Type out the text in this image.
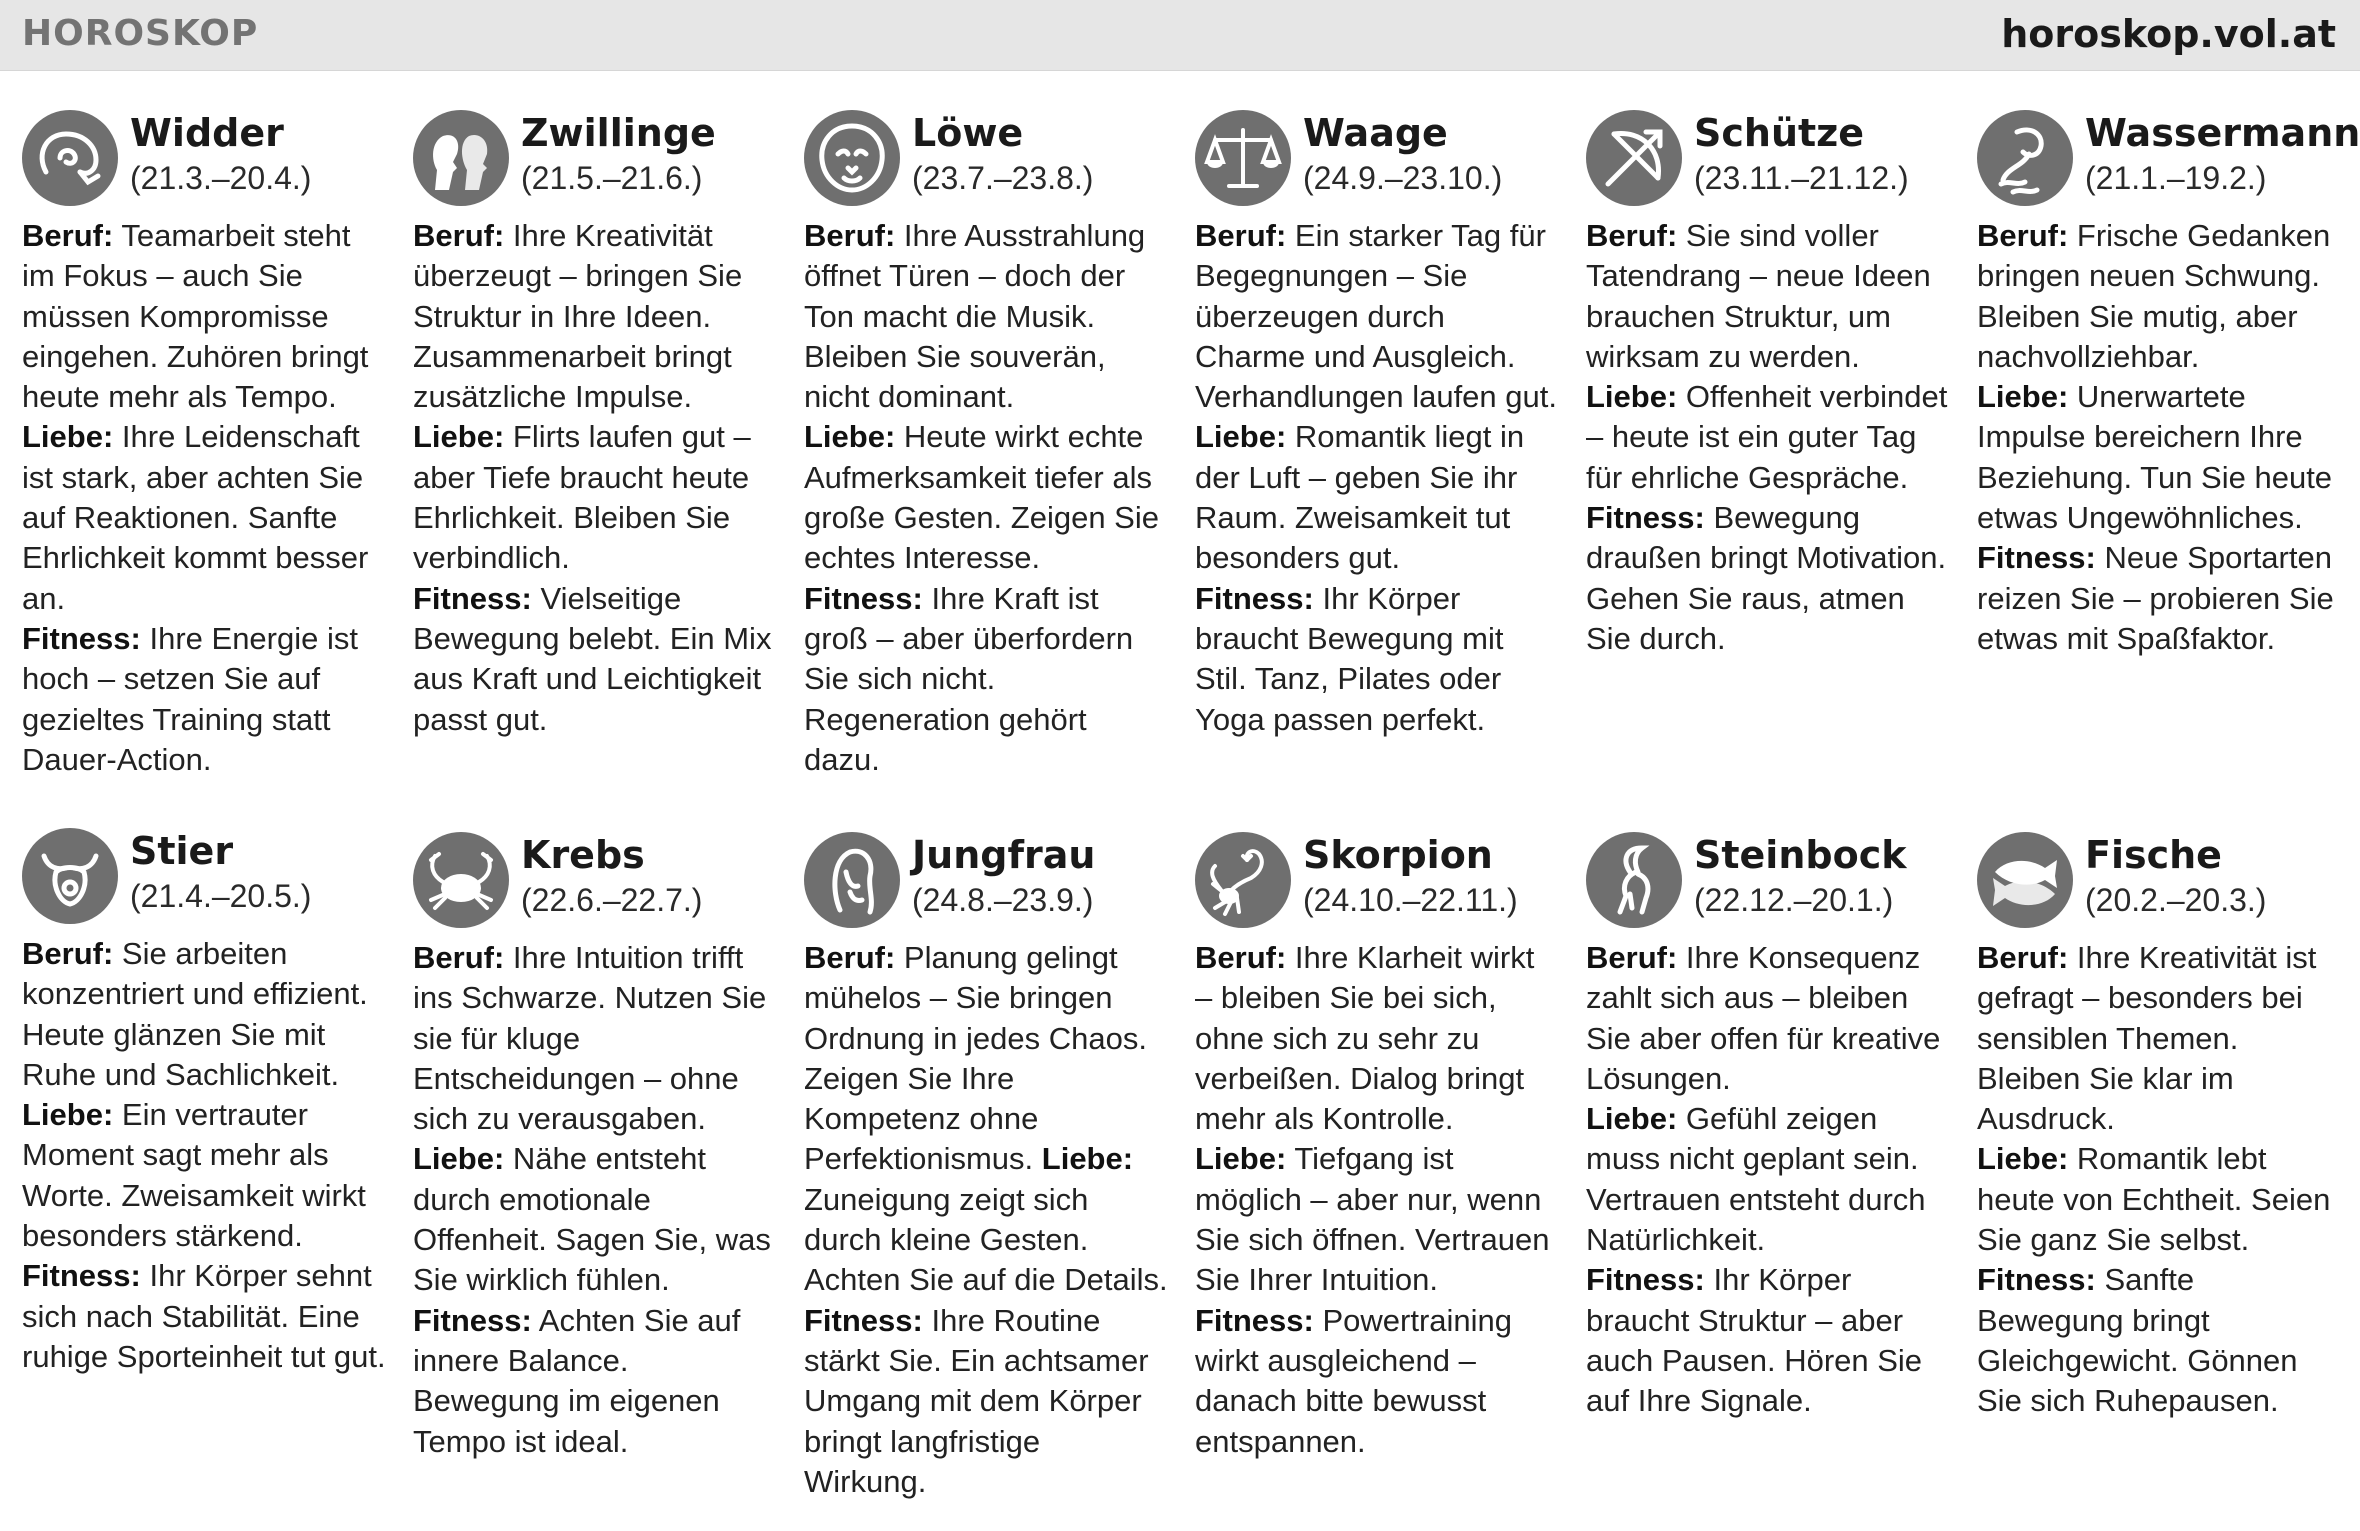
HOROSKOP	horoskop.vol.at
Widder
(21.3.–20.4.)

Beruf: Teamarbeit steht im Fokus – auch Sie müssen Kompromisse eingehen. Zuhören bringt heute mehr als Tempo.
Liebe: Ihre Leidenschaft ist stark, aber achten Sie auf Reaktionen. Sanfte Ehrlichkeit kommt besser an.
Fitness: Ihre Energie ist hoch – setzen Sie auf gezieltes Training statt Dauer-Action.

Zwillinge
(21.5.–21.6.)

Beruf: Ihre Kreativität überzeugt – bringen Sie Struktur in Ihre Ideen. Zusammenarbeit bringt zusätzliche Impulse.
Liebe: Flirts laufen gut – aber Tiefe braucht heute Ehrlichkeit. Bleiben Sie verbindlich.
Fitness: Vielseitige Bewegung belebt. Ein Mix aus Kraft und Leichtigkeit passt gut.

Löwe
(23.7.–23.8.)

Beruf: Ihre Ausstrahlung öffnet Türen – doch der Ton macht die Musik. Bleiben Sie souverän, nicht dominant.
Liebe: Heute wirkt echte Aufmerksamkeit tiefer als große Gesten. Zeigen Sie echtes Interesse.
Fitness: Ihre Kraft ist groß – aber überfordern Sie sich nicht. Regeneration gehört dazu.

Waage
(24.9.–23.10.)

Beruf: Ein starker Tag für Begegnungen – Sie überzeugen durch Charme und Ausgleich. Verhandlungen laufen gut.
Liebe: Romantik liegt in der Luft – geben Sie ihr Raum. Zweisamkeit tut besonders gut.
Fitness: Ihr Körper braucht Bewegung mit Stil. Tanz, Pilates oder Yoga passen perfekt.

Schütze
(23.11.–21.12.)

Beruf: Sie sind voller Tatendrang – neue Ideen brauchen Struktur, um wirksam zu werden.
Liebe: Offenheit verbindet – heute ist ein guter Tag für ehrliche Gespräche.
Fitness: Bewegung draußen bringt Motivation. Gehen Sie raus, atmen Sie durch.

Wassermann
(21.1.–19.2.)

Beruf: Frische Gedanken bringen neuen Schwung. Bleiben Sie mutig, aber nachvollziehbar.
Liebe: Unerwartete Impulse bereichern Ihre Beziehung. Tun Sie heute etwas Ungewöhnliches.
Fitness: Neue Sportarten reizen Sie – probieren Sie etwas mit Spaßfaktor.

Stier
(21.4.–20.5.)

Beruf: Sie arbeiten konzentriert und effizient. Heute glänzen Sie mit Ruhe und Sachlichkeit.
Liebe: Ein vertrauter Moment sagt mehr als Worte. Zweisamkeit wirkt besonders stärkend.
Fitness: Ihr Körper sehnt sich nach Stabilität. Eine ruhige Sporteinheit tut gut.

Krebs
(22.6.–22.7.)

Beruf: Ihre Intuition trifft ins Schwarze. Nutzen Sie sie für kluge Entscheidungen – ohne sich zu verausgaben.
Liebe: Nähe entsteht durch emotionale Offenheit. Sagen Sie, was Sie wirklich fühlen.
Fitness: Achten Sie auf innere Balance. Bewegung im eigenen Tempo ist ideal.

Jungfrau
(24.8.–23.9.)

Beruf: Planung gelingt mühelos – Sie bringen Ordnung in jedes Chaos. Zeigen Sie Ihre Kompetenz ohne Perfektionismus. Liebe: Zuneigung zeigt sich durch kleine Gesten. Achten Sie auf die Details.
Fitness: Ihre Routine stärkt Sie. Ein achtsamer Umgang mit dem Körper bringt langfristige Wirkung.

Skorpion
(24.10.–22.11.)

Beruf: Ihre Klarheit wirkt – bleiben Sie bei sich, ohne sich zu sehr zu verbeißen. Dialog bringt mehr als Kontrolle.
Liebe: Tiefgang ist möglich – aber nur, wenn Sie sich öffnen. Vertrauen Sie Ihrer Intuition.
Fitness: Powertraining wirkt ausgleichend – danach bitte bewusst entspannen.

Steinbock
(22.12.–20.1.)

Beruf: Ihre Konsequenz zahlt sich aus – bleiben Sie aber offen für kreative Lösungen.
Liebe: Gefühl zeigen muss nicht geplant sein. Vertrauen entsteht durch Natürlichkeit.
Fitness: Ihr Körper braucht Struktur – aber auch Pausen. Hören Sie auf Ihre Signale.

Fische
(20.2.–20.3.)

Beruf: Ihre Kreativität ist gefragt – besonders bei sensiblen Themen. Bleiben Sie klar im Ausdruck.
Liebe: Romantik lebt heute von Echtheit. Seien Sie ganz Sie selbst.
Fitness: Sanfte Bewegung bringt Gleichgewicht. Gönnen Sie sich Ruhepausen.
